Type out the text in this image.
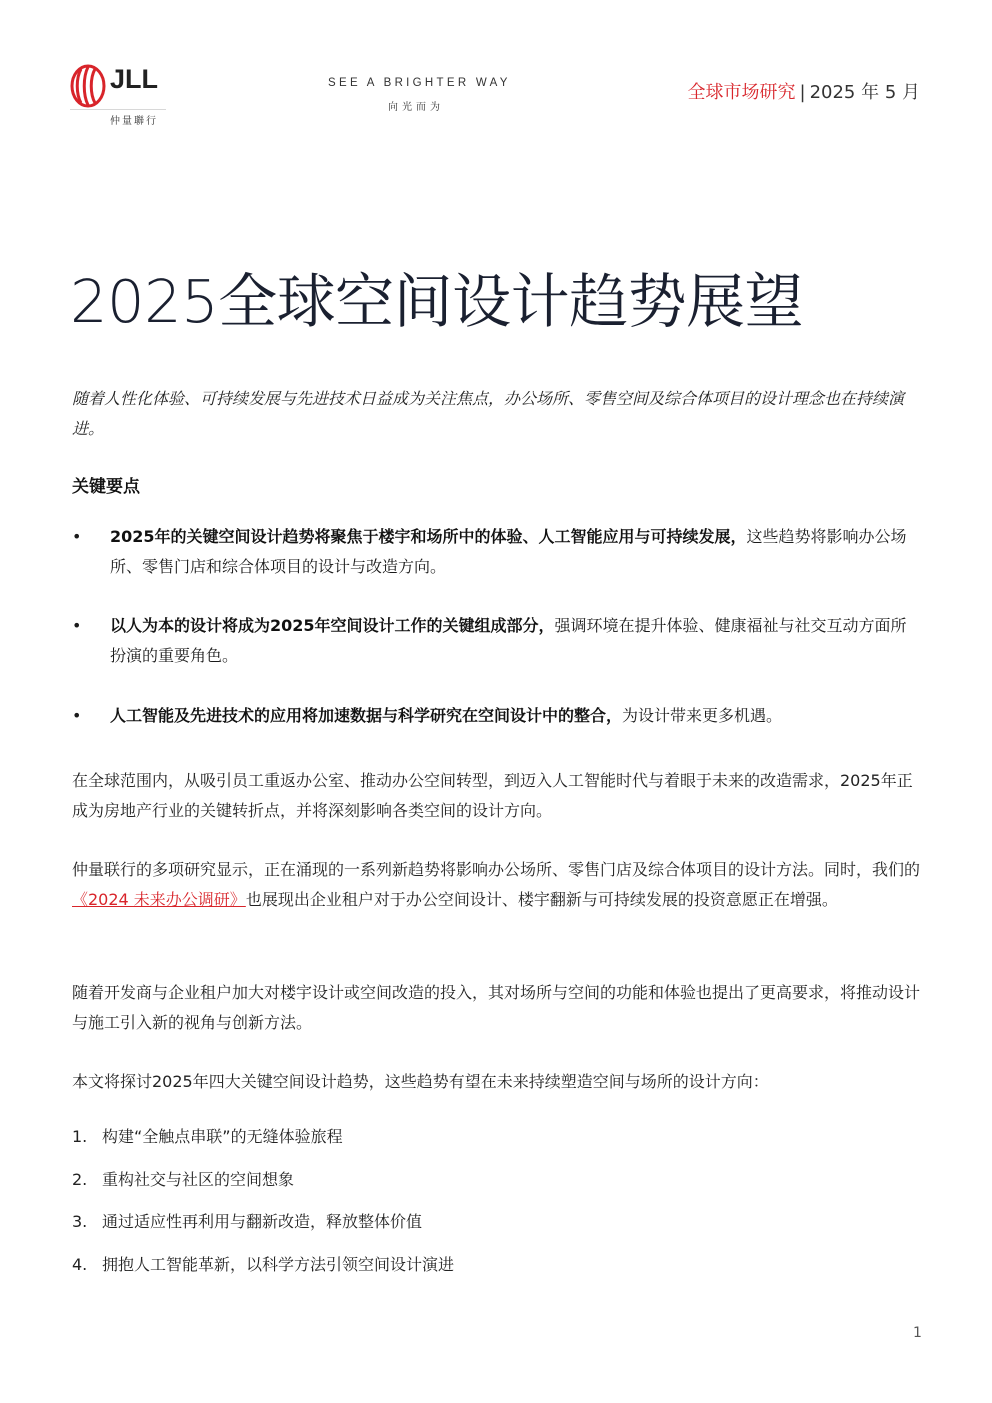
JLL
仲量聯行
SEE A BRIGHTER WAY
向光而为
全球市场研究 | 2025 年 5 月
2025全球空间设计趋势展望
随着人性化体验、可持续发展与先进技术日益成为关注焦点，办公场所、零售空间及综合体项目的设计理念也在持续演进。
关键要点
• 2025年的关键空间设计趋势将聚焦于楼宇和场所中的体验、人工智能应用与可持续发展，这些趋势将影响办公场所、零售门店和综合体项目的设计与改造方向。
• 以人为本的设计将成为2025年空间设计工作的关键组成部分，强调环境在提升体验、健康福祉与社交互动方面所扮演的重要角色。
• 人工智能及先进技术的应用将加速数据与科学研究在空间设计中的整合，为设计带来更多机遇。
在全球范围内，从吸引员工重返办公室、推动办公空间转型，到迈入人工智能时代与着眼于未来的改造需求，2025年正成为房地产行业的关键转折点，并将深刻影响各类空间的设计方向。
仲量联行的多项研究显示，正在涌现的一系列新趋势将影响办公场所、零售门店及综合体项目的设计方法。同时，我们的《2024 未来办公调研》也展现出企业租户对于办公空间设计、楼宇翻新与可持续发展的投资意愿正在增强。
随着开发商与企业租户加大对楼宇设计或空间改造的投入，其对场所与空间的功能和体验也提出了更高要求，将推动设计与施工引入新的视角与创新方法。
本文将探讨2025年四大关键空间设计趋势，这些趋势有望在未来持续塑造空间与场所的设计方向：
1. 构建“全触点串联”的无缝体验旅程
2. 重构社交与社区的空间想象
3. 通过适应性再利用与翻新改造，释放整体价值
4. 拥抱人工智能革新，以科学方法引领空间设计演进
1
